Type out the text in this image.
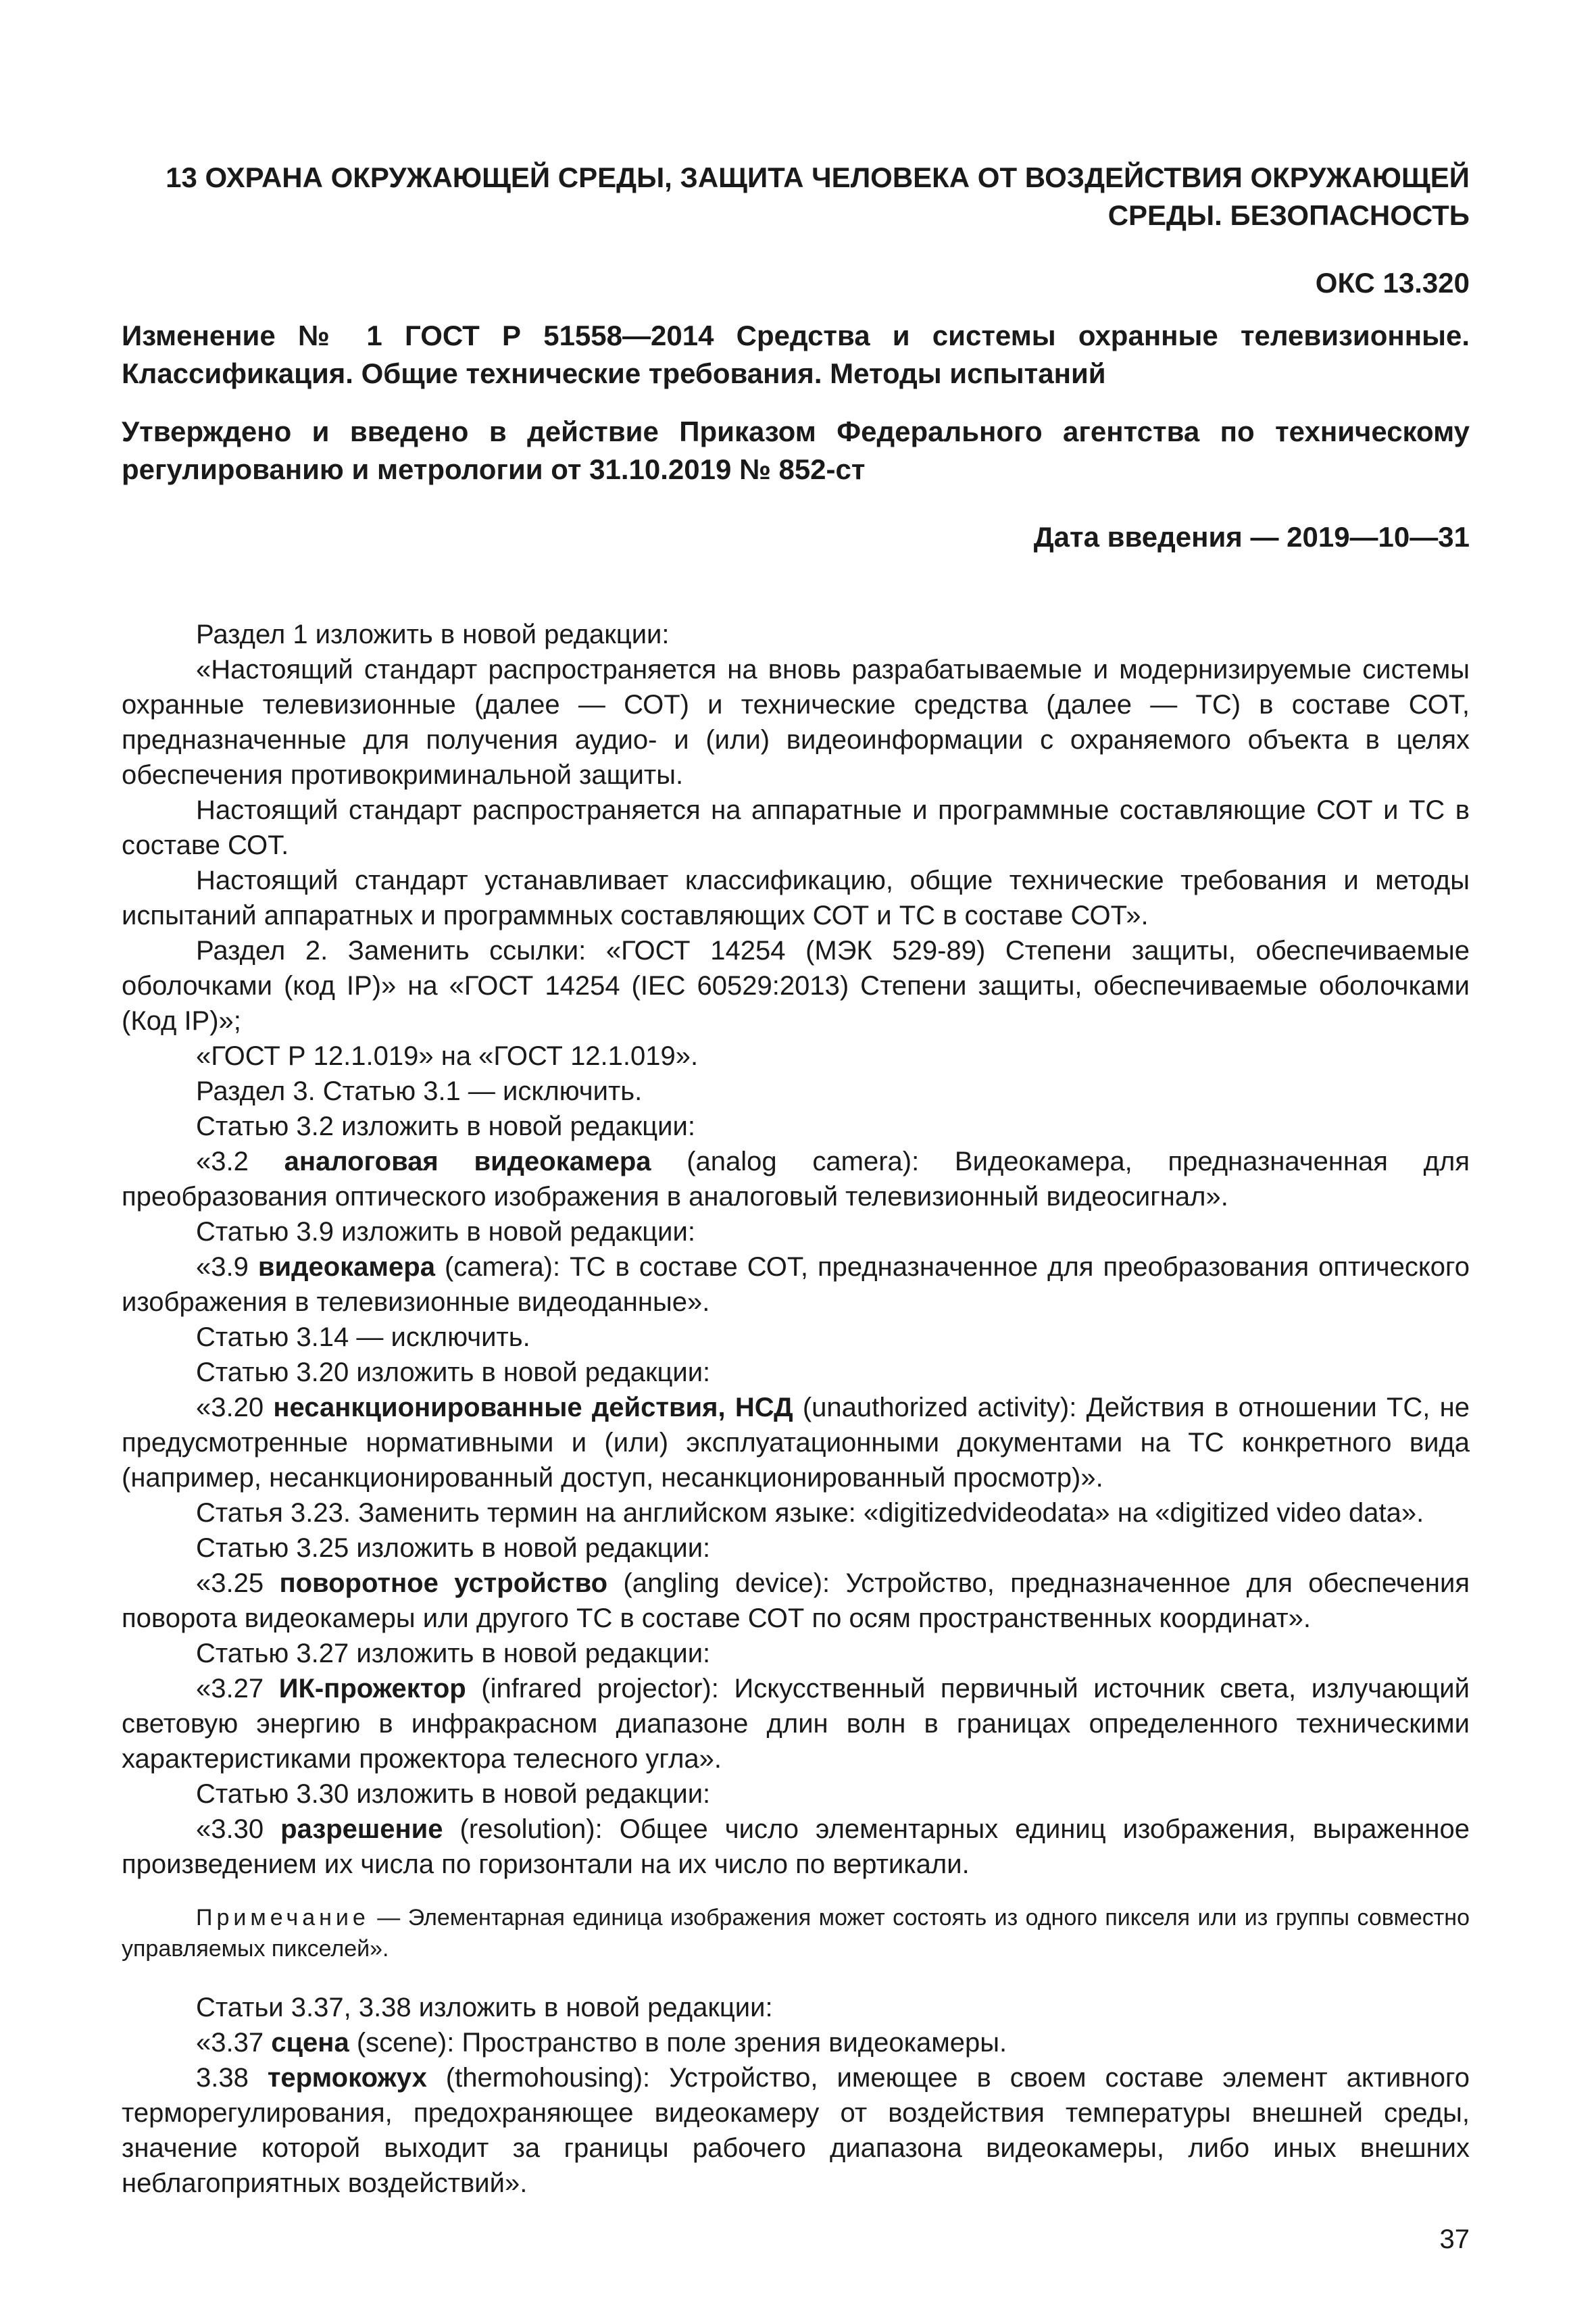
13 ОХРАНА ОКРУЖАЮЩЕЙ СРЕДЫ, ЗАЩИТА ЧЕЛОВЕКА ОТ ВОЗДЕЙСТВИЯ ОКРУЖАЮЩЕЙ
СРЕДЫ. БЕЗОПАСНОСТЬ

ОКС 13.320
Изменение № 1 ГОСТ Р 51558—2014 Средства и системы охранные телевизионные. Классификация. Общие технические требования. Методы испытаний
Утверждено и введено в действие Приказом Федерального агентства по техническому регулированию и метрологии от 31.10.2019 № 852-ст
Дата введения — 2019—10—31

Раздел 1 изложить в новой редакции:

«Настоящий стандарт распространяется на вновь разрабатываемые и модернизируемые системы охранные телевизионные (далее — СОТ) и технические средства (далее — ТС) в составе СОТ, предназначенные для получения аудио- и (или) видеоинформации с охраняемого объекта в целях обеспечения противокриминальной защиты.

Настоящий стандарт распространяется на аппаратные и программные составляющие СОТ и ТС в составе СОТ.

Настоящий стандарт устанавливает классификацию, общие технические требования и методы испытаний аппаратных и программных составляющих СОТ и ТС в составе СОТ».

Раздел 2. Заменить ссылки: «ГОСТ 14254 (МЭК 529-89) Степени защиты, обеспечиваемые оболочками (код IP)» на «ГОСТ 14254 (IEC 60529:2013) Степени защиты, обеспечиваемые оболочками (Код IP)»;

«ГОСТ Р 12.1.019» на «ГОСТ 12.1.019».

Раздел 3. Статью 3.1 — исключить.

Статью 3.2 изложить в новой редакции:

«3.2 аналоговая видеокамера (analog camera): Видеокамера, предназначенная для преобразования оптического изображения в аналоговый телевизионный видеосигнал».

Статью 3.9 изложить в новой редакции:

«3.9 видеокамера (camera): ТС в составе СОТ, предназначенное для преобразования оптического изображения в телевизионные видеоданные».

Статью 3.14 — исключить.

Статью 3.20 изложить в новой редакции:

«3.20 несанкционированные действия, НСД (unauthorized activity): Действия в отношении ТС, не предусмотренные нормативными и (или) эксплуатационными документами на ТС конкретного вида (например, несанкционированный доступ, несанкционированный просмотр)».

Статья 3.23. Заменить термин на английском языке: «digitizedvideodata» на «digitized video data».

Статью 3.25 изложить в новой редакции:

«3.25 поворотное устройство (angling device): Устройство, предназначенное для обеспечения поворота видеокамеры или другого ТС в составе СОТ по осям пространственных координат».

Статью 3.27 изложить в новой редакции:

«3.27 ИК-прожектор (infrared projector): Искусственный первичный источник света, излучающий световую энергию в инфракрасном диапазоне длин волн в границах определенного техническими характеристиками прожектора телесного угла».

Статью 3.30 изложить в новой редакции:

«3.30 разрешение (resolution): Общее число элементарных единиц изображения, выраженное произведением их числа по горизонтали на их число по вертикали.

Примечание — Элементарная единица изображения может состоять из одного пикселя или из группы совместно управляемых пикселей».

Статьи 3.37, 3.38 изложить в новой редакции:

«3.37 сцена (scene): Пространство в поле зрения видеокамеры.

3.38 термокожух (thermohousing): Устройство, имеющее в своем составе элемент активного терморегулирования, предохраняющее видеокамеру от воздействия температуры внешней среды, значение которой выходит за границы рабочего диапазона видеокамеры, либо иных внешних неблагоприятных воздействий».

37
